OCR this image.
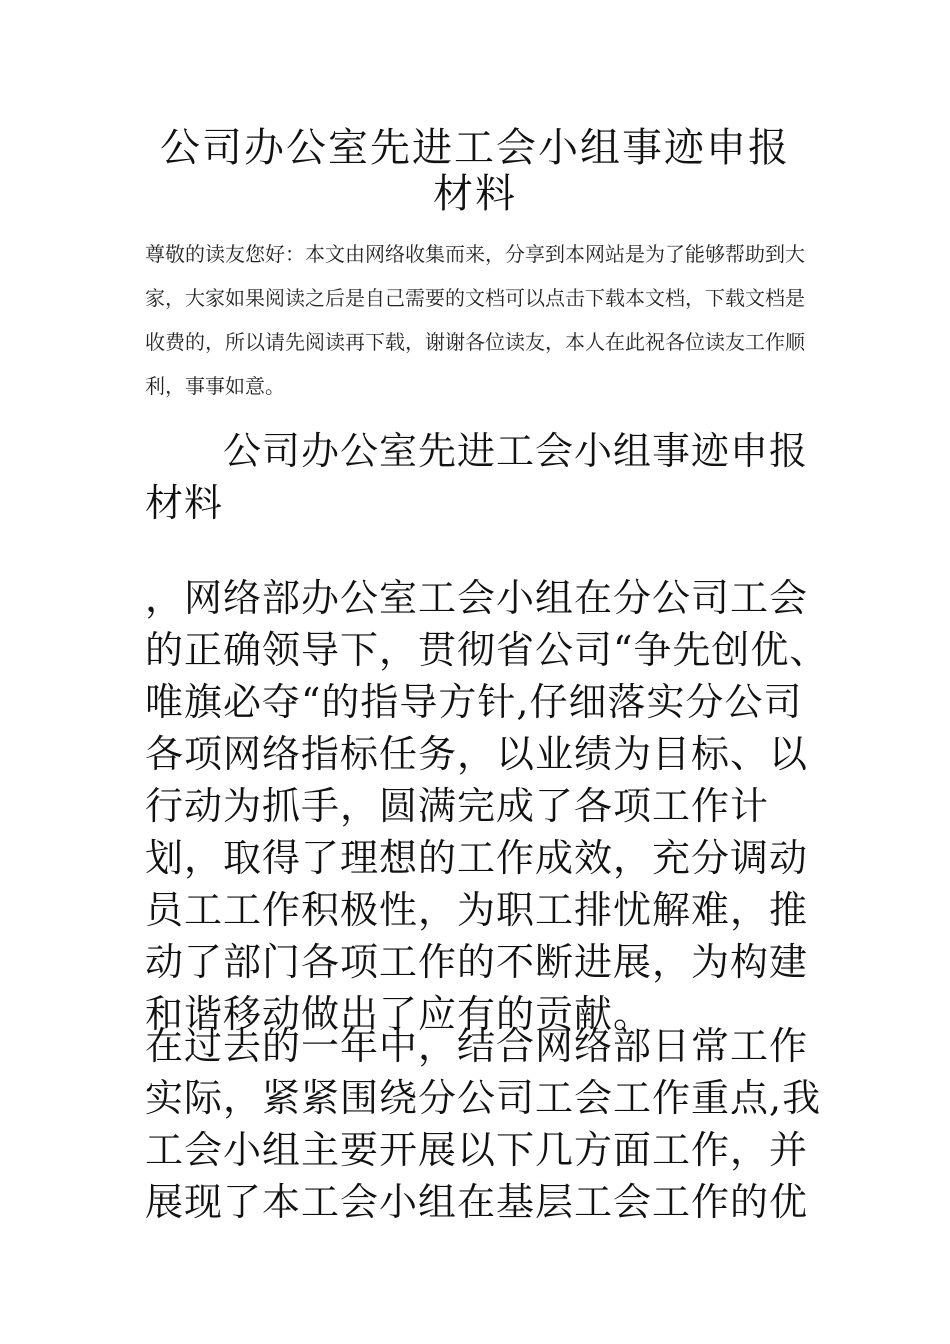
公司办公室先进工会小组事迹申报材料

尊敬的读友您好：本文由网络收集而来，分享到本网站是为了能够帮助到大家，大家如果阅读之后是自己需要的文档可以点击下载本文档，下载文档是收费的，所以请先阅读再下载，谢谢各位读友，本人在此祝各位读友工作顺利，事事如意。

公司办公室先进工会小组事迹申报材料

，网络部办公室工会小组在分公司工会的正确领导下，贯彻省公司“争先创优、唯旗必夺“的指导方针,仔细落实分公司各项网络指标任务，以业绩为目标、以行动为抓手，圆满完成了各项工作计划，取得了理想的工作成效，充分调动员工工作积极性，为职工排忧解难，推动了部门各项工作的不断进展，为构建和谐移动做出了应有的贡献。

在过去的一年中，结合网络部日常工作实际，紧紧围绕分公司工会工作重点,我工会小组主要开展以下几方面工作，并展现了本工会小组在基层工会工作的优
